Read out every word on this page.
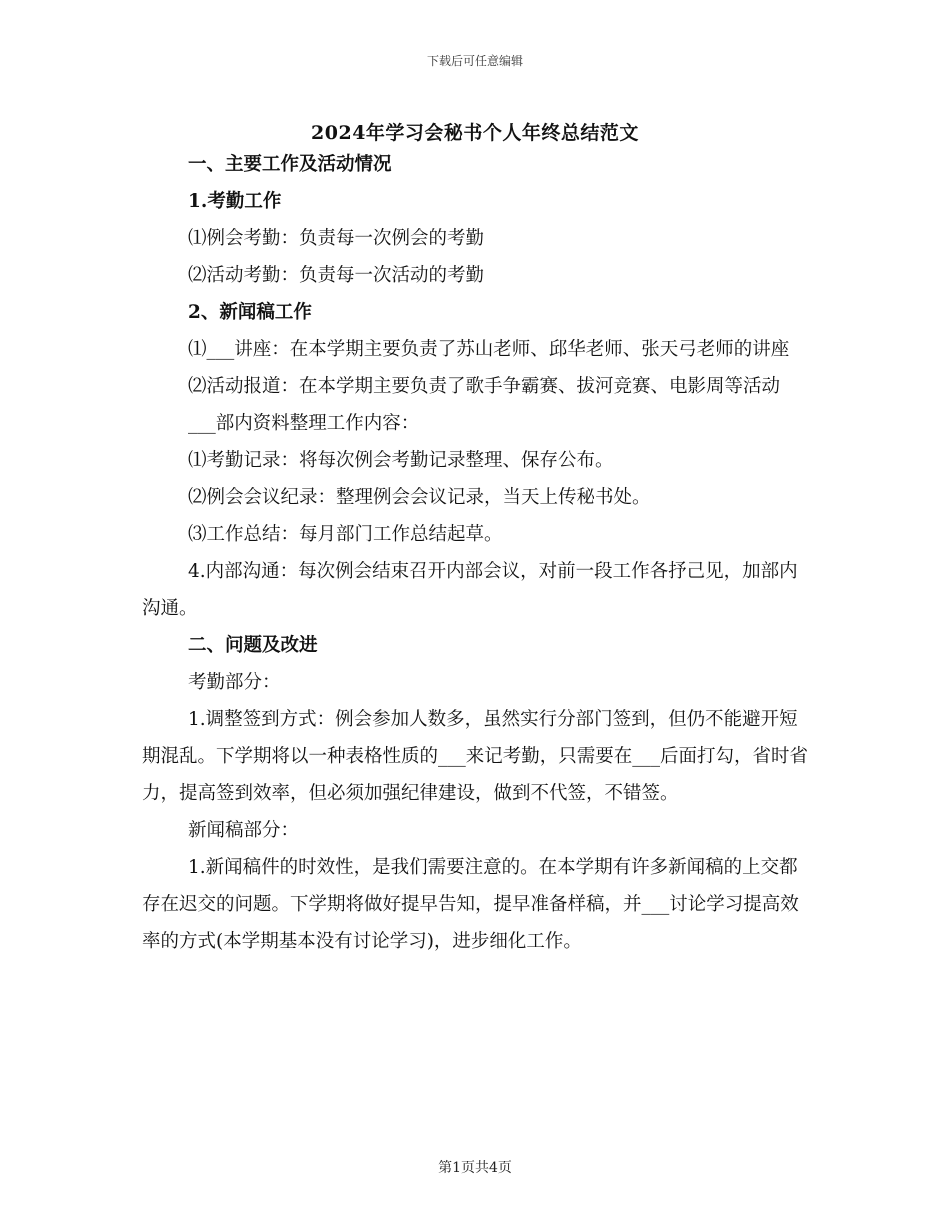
下载后可任意编辑
2024年学习会秘书个人年终总结范文

一、主要工作及活动情况

1.考勤工作

⑴例会考勤：负责每一次例会的考勤

⑵活动考勤：负责每一次活动的考勤

2、新闻稿工作

⑴___讲座：在本学期主要负责了苏山老师、邱华老师、张天弓老师的讲座

⑵活动报道：在本学期主要负责了歌手争霸赛、拔河竞赛、电影周等活动

___部内资料整理工作内容：

⑴考勤记录：将每次例会考勤记录整理、保存公布。

⑵例会会议纪录：整理例会会议记录，当天上传秘书处。

⑶工作总结：每月部门工作总结起草。

4.内部沟通：每次例会结束召开内部会议，对前一段工作各抒己见，加部内沟通。

二、问题及改进

考勤部分：

1.调整签到方式：例会参加人数多，虽然实行分部门签到，但仍不能避开短期混乱。下学期将以一种表格性质的___来记考勤，只需要在___后面打勾，省时省力，提高签到效率，但必须加强纪律建设，做到不代签，不错签。

新闻稿部分：

1.新闻稿件的时效性，是我们需要注意的。在本学期有许多新闻稿的上交都存在迟交的问题。下学期将做好提早告知，提早准备样稿，并___讨论学习提高效率的方式(本学期基本没有讨论学习)，进步细化工作。

第1页共4页
